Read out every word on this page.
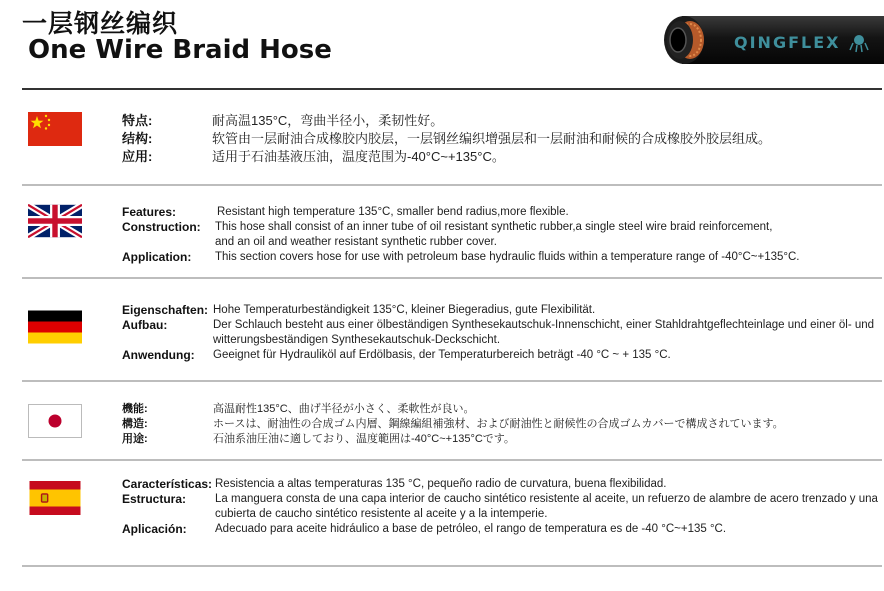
一层钢丝编织
One Wire Braid Hose	QINGFLEX
特点:	耐高温135°C，弯曲半径小，柔韧性好。
结构:	软管由一层耐油合成橡胶内胶层，一层钢丝编织增强层和一层耐油和耐候的合成橡胶外胶层组成。
应用:	适用于石油基液压油，温度范围为-40°C~+135°C。
Features:	Resistant high temperature 135°C, smaller bend radius,more flexible.
Construction: This hose shall consist of an inner tube of oil resistant synthetic rubber,a single steel wire braid reinforcement,
and an oil and weather resistant synthetic rubber cover.
Application: This section covers hose for use with petroleum base hydraulic fluids within a temperature range of -40°C~+135°C.
Eigenschaften: Hohe Temperaturbeständigkeit 135°C, kleiner Biegeradius, gute Flexibilität.
Aufbau:	Der Schlauch besteht aus einer ölbeständigen Synthesekautschuk-Innenschicht, einer Stahldrahtgeflechteinlage und einer öl- und
witterungsbeständigen Synthesekautschuk-Deckschicht.
Anwendung: Geeignet für Hydrauliköl auf Erdölbasis, der Temperaturbereich beträgt -40 °C ~ + 135 °C.
機能:	高温耐性135°C、曲げ半径が小さく、柔軟性が良い。
構造:	ホースは、耐油性の合成ゴム内層、鋼線編組補強材、および耐油性と耐候性の合成ゴムカバーで構成されています。
用途:	石油系油圧油に適しており、温度範囲は-40°C~+135°Cです。
Características: Resistencia a altas temperaturas 135 °C, pequeño radio de curvatura, buena flexibilidad.
Estructura:	La manguera consta de una capa interior de caucho sintético resistente al aceite, un refuerzo de alambre de acero trenzado y una
cubierta de caucho sintético resistente al aceite y a la intemperie.
Aplicación: Adecuado para aceite hidráulico a base de petróleo, el rango de temperatura es de -40 °C~+135 °C.
